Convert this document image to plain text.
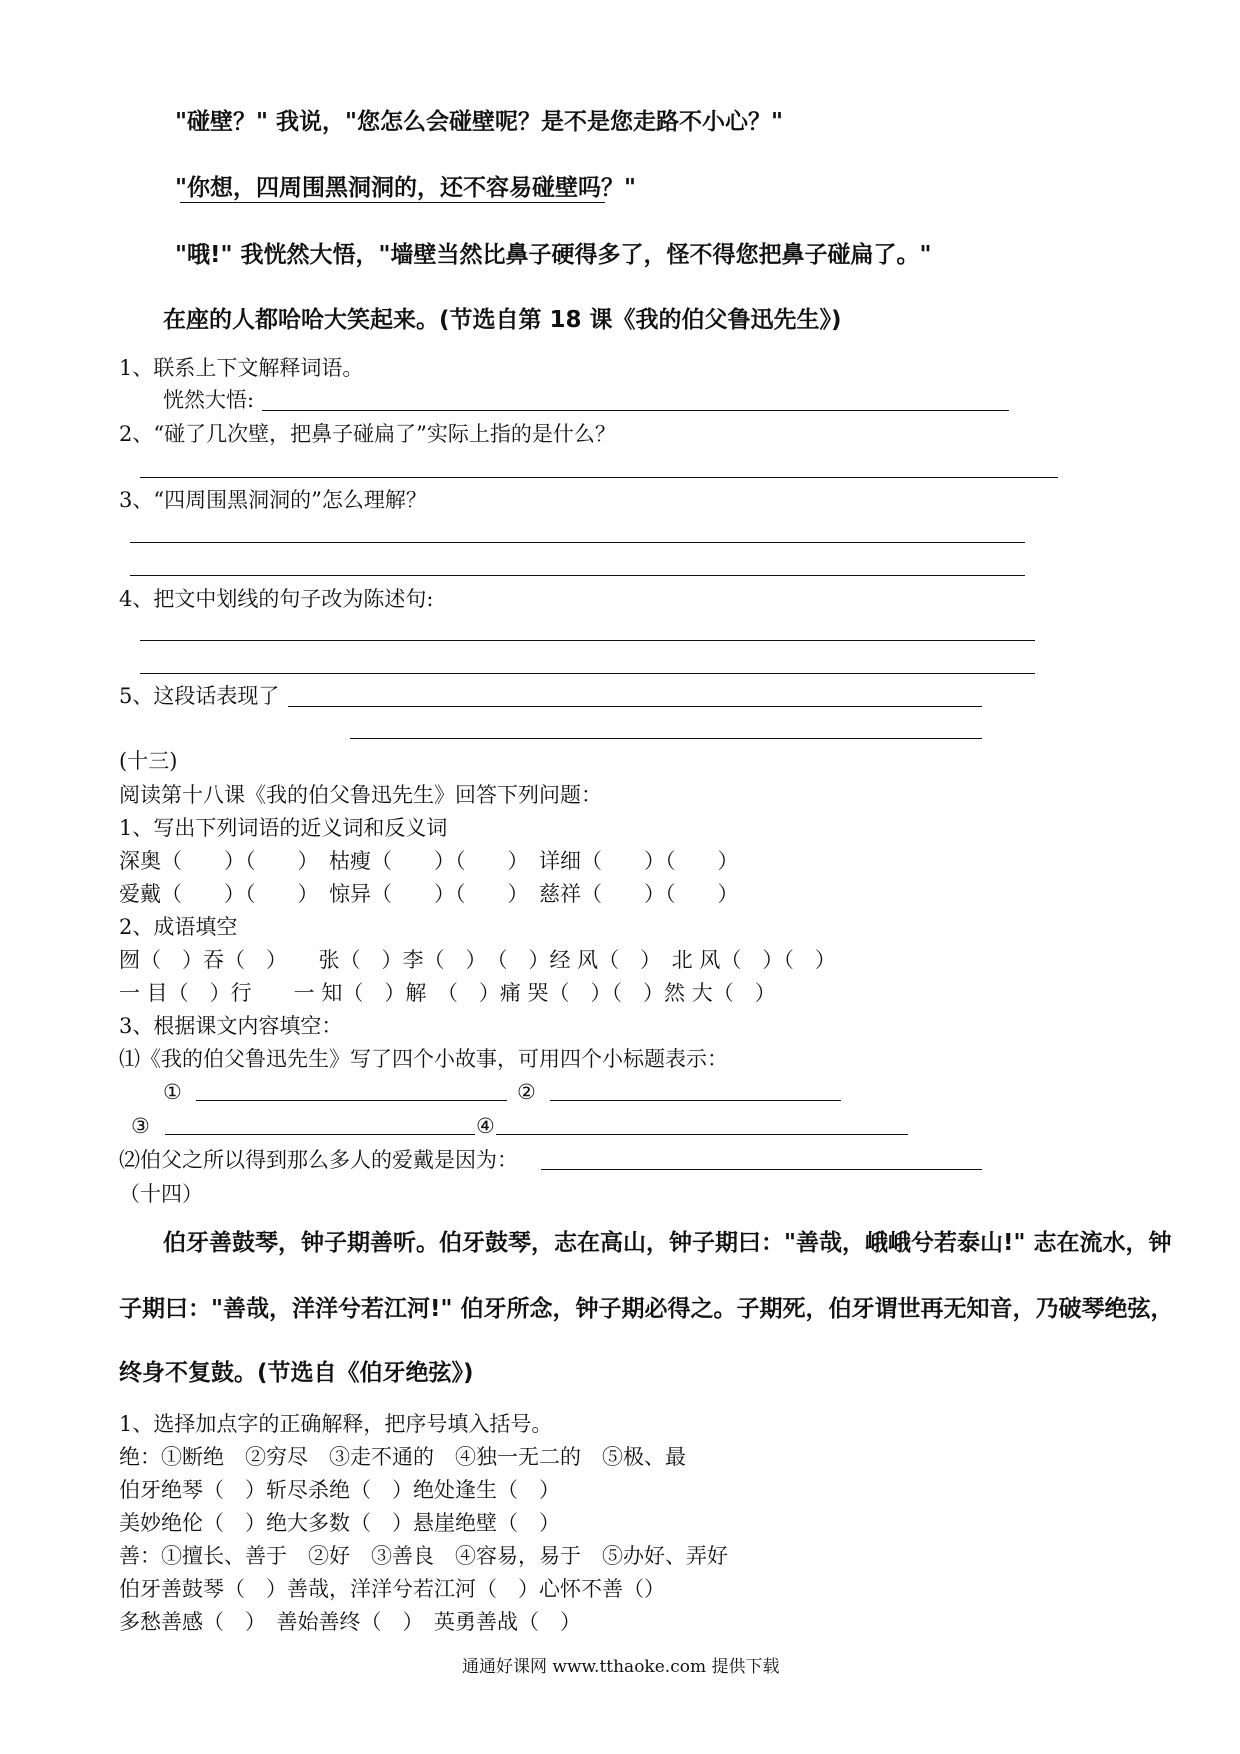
"碰壁？" 我说，"您怎么会碰壁呢？是不是您走路不小心？"
"你想，四周围黑洞洞的，还不容易碰壁吗？"
"哦!" 我恍然大悟，"墙壁当然比鼻子硬得多了，怪不得您把鼻子碰扁了。"
在座的人都哈哈大笑起来。(节选自第 18 课《我的伯父鲁迅先生》)
1、联系上下文解释词语。
恍然大悟:
2、“碰了几次壁，把鼻子碰扁了”实际上指的是什么？
3、“四周围黑洞洞的”怎么理解？
4、把文中划线的句子改为陈述句:
5、这段话表现了
(十三)
阅读第十八课《我的伯父鲁迅先生》回答下列问题：
1、写出下列词语的近义词和反义词
深奥（　　）（　　）　枯瘦（　　）（　　）　详细（　　）（　　）
爱戴（　　）（　　）　惊异（　　）（　　）　慈祥（　　）（　　）
2、成语填空
囫（　）吞（　）　　张（　）李（　）　（　）经 风（　）　北 风（　）（　）
一 目（　）行　　一 知（　）解　（　）痛 哭（　）（　）然 大（　）
3、根据课文内容填空：
⑴《我的伯父鲁迅先生》写了四个小故事，可用四个小标题表示：
①	②
③	④
⑵伯父之所以得到那么多人的爱戴是因为：
（十四）
伯牙善鼓琴，钟子期善听。伯牙鼓琴，志在高山，钟子期曰："善哉，峨峨兮若泰山!" 志在流水，钟
子期曰："善哉，洋洋兮若江河!" 伯牙所念，钟子期必得之。子期死，伯牙谓世再无知音，乃破琴绝弦，
终身不复鼓。(节选自《伯牙绝弦》)
1、选择加点字的正确解释，把序号填入括号。
绝：①断绝　②穷尽　③走不通的　④独一无二的　⑤极、最
伯牙绝琴（　）斩尽杀绝（　）绝处逢生（　）
美妙绝伦（　）绝大多数（　）悬崖绝壁（　）
善：①擅长、善于　②好　③善良　④容易，易于　⑤办好、弄好
伯牙善鼓琴（　）善哉，洋洋兮若江河（　）心怀不善（）
多愁善感（　）　善始善终（　）　英勇善战（　）
通通好课网 www.tthaoke.com 提供下载
